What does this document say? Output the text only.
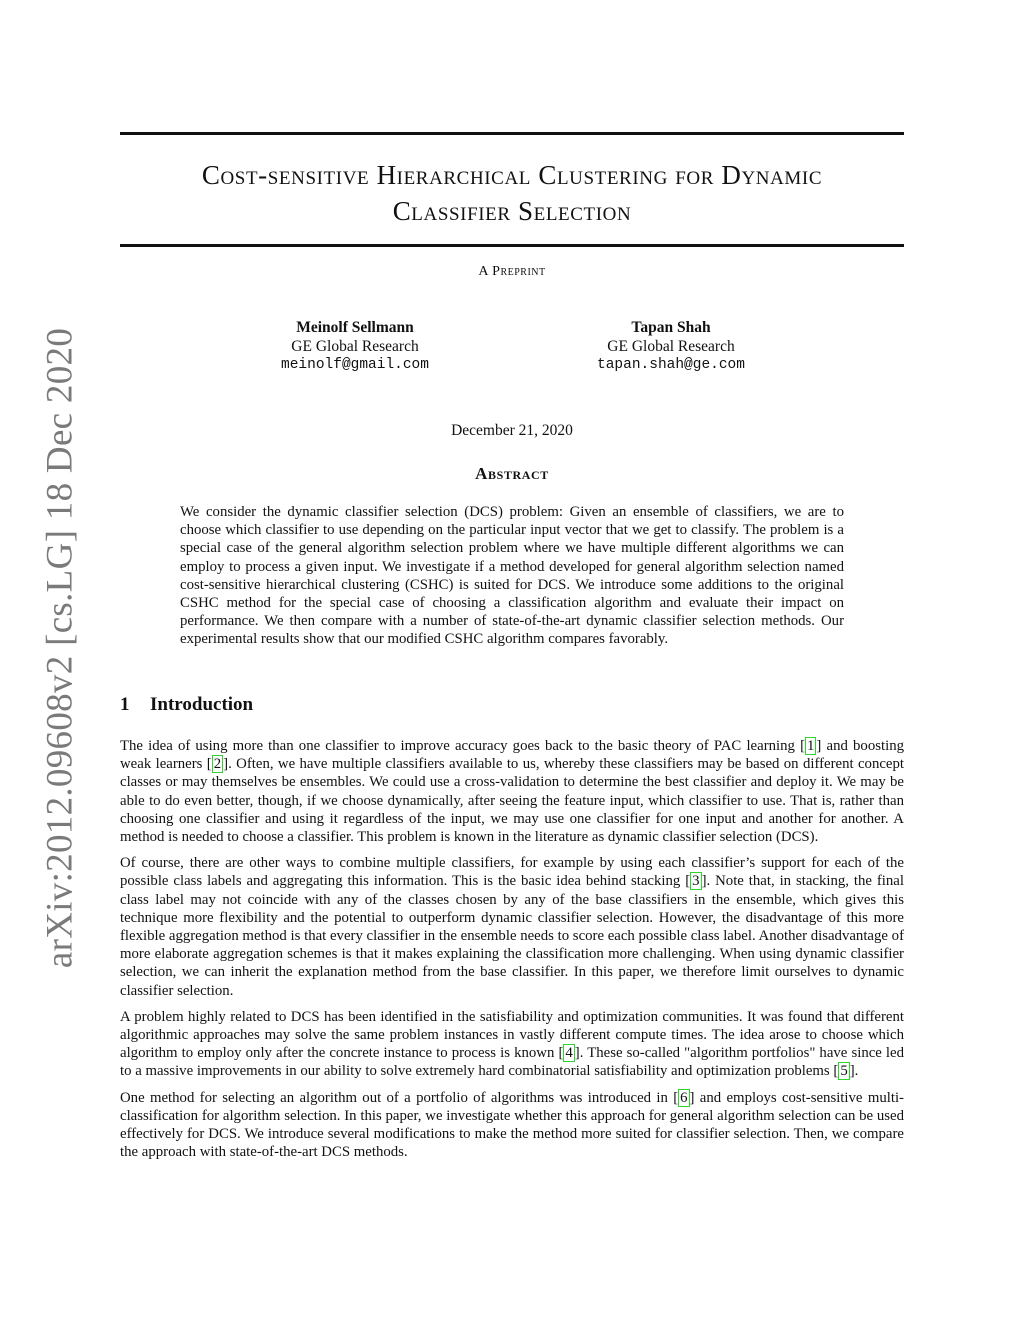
arXiv:2012.09608v2 [cs.LG] 18 Dec 2020
Cost-sensitive Hierarchical Clustering for Dynamic
Classifier Selection
A Preprint
Meinolf Sellmann
GE Global Research
meinolf@gmail.com
Tapan Shah
GE Global Research
tapan.shah@ge.com
December 21, 2020
Abstract
We consider the dynamic classifier selection (DCS) problem: Given an ensemble of classifiers, we are to choose which classifier to use depending on the particular input vector that we get to classify. The problem is a special case of the general algorithm selection problem where we have multiple different algorithms we can employ to process a given input. We investigate if a method developed for general algorithm selection named cost-sensitive hierarchical clustering (CSHC) is suited for DCS. We introduce some additions to the original CSHC method for the special case of choosing a classification algorithm and evaluate their impact on performance. We then compare with a number of state-of-the-art dynamic classifier selection methods. Our experimental results show that our modified CSHC algorithm compares favorably.
1 Introduction

The idea of using more than one classifier to improve accuracy goes back to the basic theory of PAC learning [ 1 ] and boosting weak learners [ 2 ]. Often, we have multiple classifiers available to us, whereby these classifiers may be based on different concept classes or may themselves be ensembles. We could use a cross-validation to determine the best classifier and deploy it. We may be able to do even better, though, if we choose dynamically, after seeing the feature input, which classifier to use. That is, rather than choosing one classifier and using it regardless of the input, we may use one classifier for one input and another for another. A method is needed to choose a classifier. This problem is known in the literature as dynamic classifier selection (DCS).

Of course, there are other ways to combine multiple classifiers, for example by using each classifier’s support for each of the possible class labels and aggregating this information. This is the basic idea behind stacking [ 3 ]. Note that, in stacking, the final class label may not coincide with any of the classes chosen by any of the base classifiers in the ensemble, which gives this technique more flexibility and the potential to outperform dynamic classifier selection. However, the disadvantage of this more flexible aggregation method is that every classifier in the ensemble needs to score each possible class label. Another disadvantage of more elaborate aggregation schemes is that it makes explaining the classification more challenging. When using dynamic classifier selection, we can inherit the explanation method from the base classifier. In this paper, we therefore limit ourselves to dynamic classifier selection.

A problem highly related to DCS has been identified in the satisfiability and optimization communities. It was found that different algorithmic approaches may solve the same problem instances in vastly different compute times. The idea arose to choose which algorithm to employ only after the concrete instance to process is known [ 4 ]. These so-called "algorithm portfolios" have since led to a massive improvements in our ability to solve extremely hard combinatorial satisfiability and optimization problems [ 5 ].

One method for selecting an algorithm out of a portfolio of algorithms was introduced in [ 6 ] and employs cost-sensitive multi-classification for algorithm selection. In this paper, we investigate whether this approach for general algorithm selection can be used effectively for DCS. We introduce several modifications to make the method more suited for classifier selection. Then, we compare the approach with state-of-the-art DCS methods.
